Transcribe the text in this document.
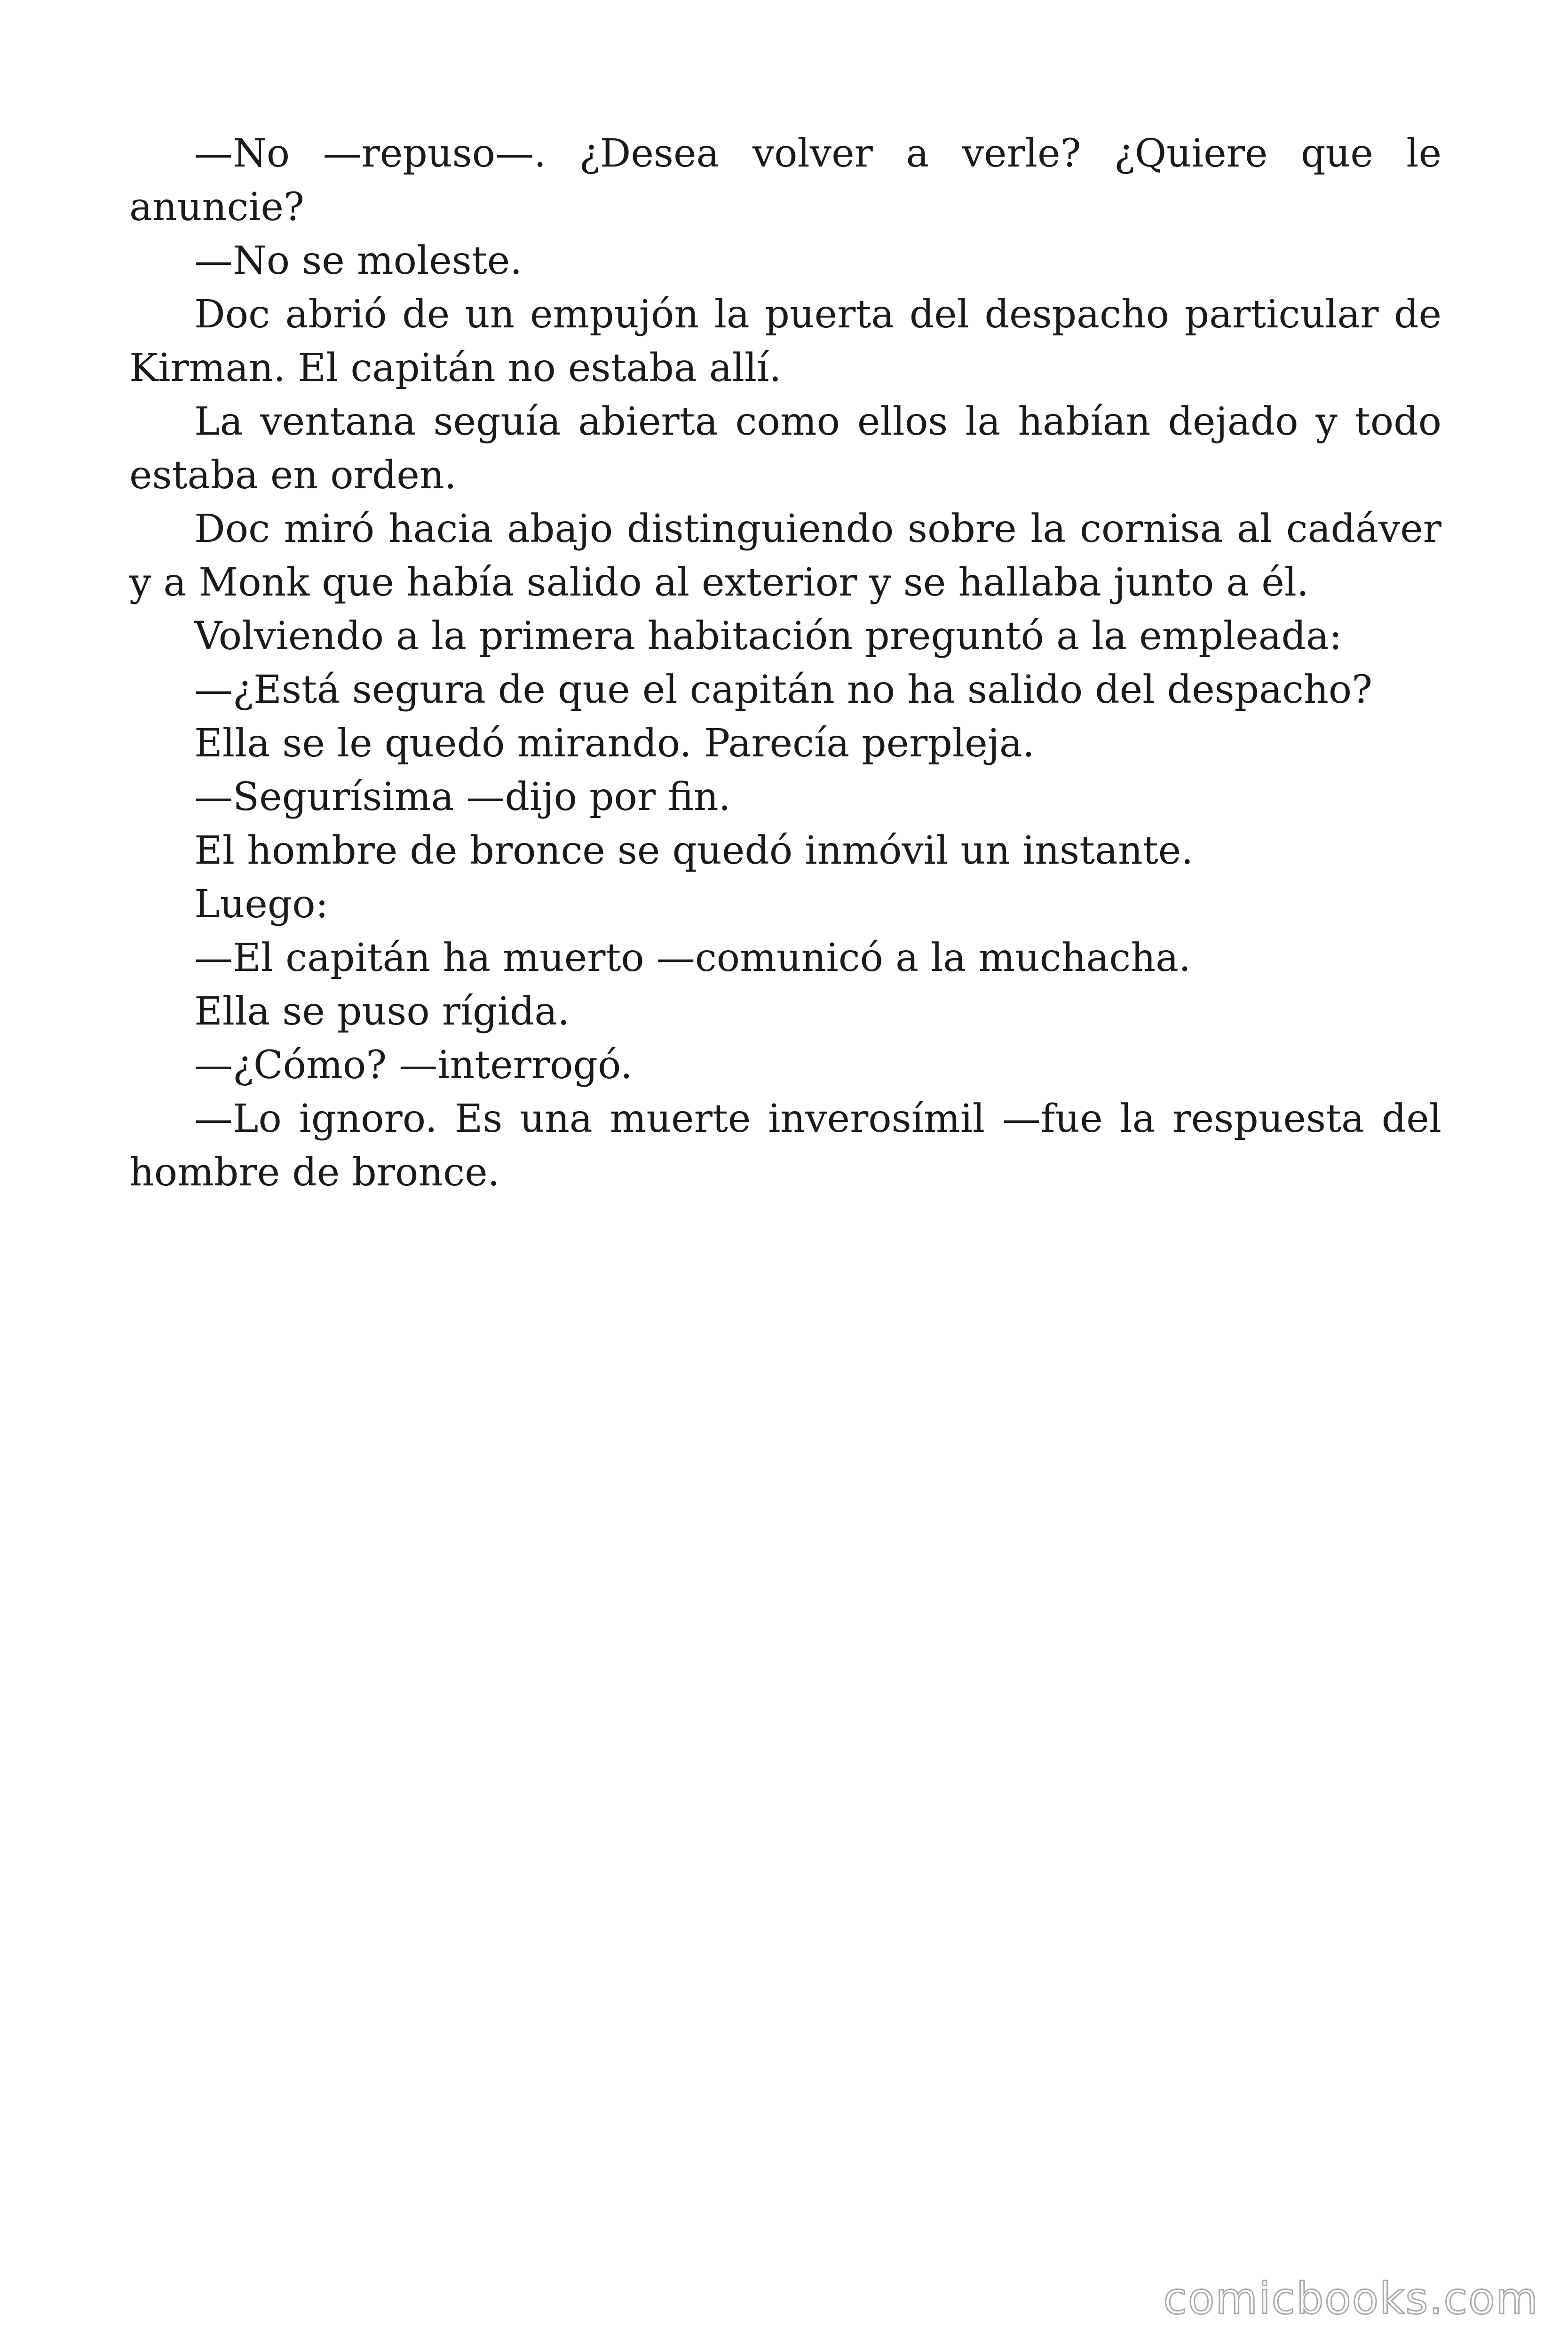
—No —repuso—. ¿Desea volver a verle? ¿Quiere que le anuncie?

—No se moleste.

Doc abrió de un empujón la puerta del despacho particular de Kirman. El capitán no estaba allí.

La ventana seguía abierta como ellos la habían dejado y todo estaba en orden.

Doc miró hacia abajo distinguiendo sobre la cornisa al cadáver y a Monk que había salido al exterior y se hallaba junto a él.

Volviendo a la primera habitación preguntó a la empleada:

—¿Está segura de que el capitán no ha salido del despacho?

Ella se le quedó mirando. Parecía perpleja.

—Segurísima —dijo por fin.

El hombre de bronce se quedó inmóvil un instante.

Luego:

—El capitán ha muerto —comunicó a la muchacha.

Ella se puso rígida.

—¿Cómo? —interrogó.

—Lo ignoro. Es una muerte inverosímil —fue la respuesta del hombre de bronce.

comicbooks.com
